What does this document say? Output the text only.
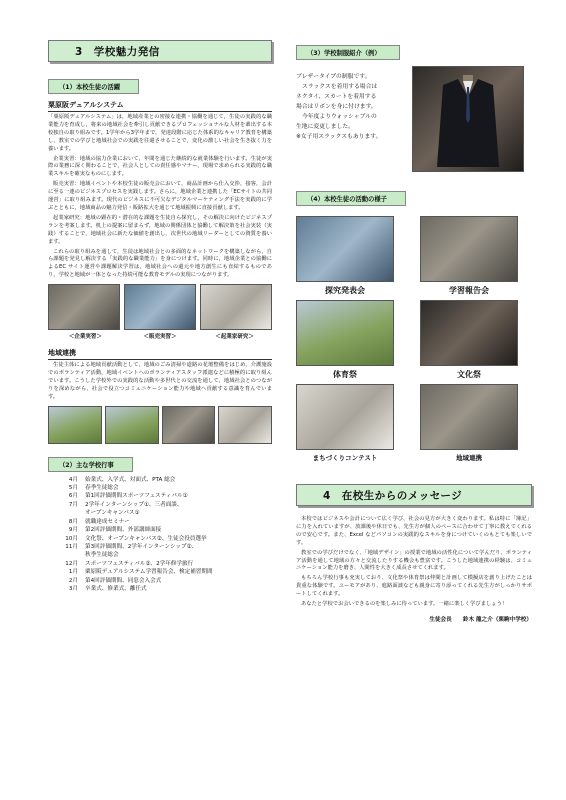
3　学校魅力発信
（1）本校生徒の活躍
粟原阪デュアルシステム

「粟原阪デュアルシステム」は，地域産業との密接な連携・協働を通じて，生徒の実践的な職業能力を育成し，将来の地域社会を牽引し貢献できるプロフェッショナルな人材を輩出する本校独自の取り組みです。1学年から3学年まで，発達段階に応じた体系的なキャリア教育を構築し，教室での学びと地域社会での実践を往還させることで，変化の激しい社会を生き抜く力を養います。

企業実習：地域の協力企業において，年間を通じた継続的な就業体験を行います。生徒が実際の業務に深く関わることで，社会人としての責任感やマナー，現場で求められる実践的な職業スキルを確実なものにします。

販売実習：地域イベントや本校生徒の販売会において，商品計画から仕入交渉，接客，会計に至る一連のビジネスプロセスを実践します。さらに，地域企業と連携した「ECサイトの共同運営」に取り組みます。現代のビジネスに不可欠なデジタルマーケティング手法を実践的に学ぶとともに，地域商品の魅力発信・販路拡大を通じて地域振興に直接貢献します。

起業家研究：地域の顕在的・潜在的な課題を生徒自ら探究し，その解決に向けたビジネスプランを考案します。机上の提案に留まらず，地域の関係団体と協働して解決策を社会実装（実践）することで，地域社会に新たな価値を創出し，次世代の地域リーダーとしての資質を養います。

これらの取り組みを通して，生徒は地域社会との多面的なネットワークを構築しながら，自ら課題を発見し解決する「実践的な職業能力」を身につけます。同時に，地域企業との協働によるEC サイト運営や課題解決学習は，地域社会への還元や地方創生にも直結するものであり，学校と地域が一体となった持続可能な教育モデルの実現につながります。

＜企業実習＞	＜販売実習＞	＜起業家研究＞
地域連携

生徒主体による地域貢献活動として，地域のごみ清掃や道路の花壇整備をはじめ，介護施設でのボランティア活動，地域イベントへのボランティアスタッフ派遣などに積極的に取り組んでいます。こうした学校外での実践的な活動や多世代との交流を通して，地域社会とのつながりを深めながら，社会で役立つコミュニケーション能力や地域へ貢献する意識を育んでいます。

（2）主な学校行事
4月	始業式、入学式、対面式、PTA 総会
5月	春季生徒総会
6月	第1回評価期間スポーツフェスティバル①
7月	2学年インターンシップ①、三者面談、
オープンキャンパス①
8月	就職達成セミナー
9月	第2回評価期間、外部講師面接
10月	文化祭、オープンキャンパス②、生徒会役員選挙
11月	第3回評価期間、2学年インターンシップ②、
秋季生徒総会
12月	スポーツフェスティバル②、2学年修学旅行
1月	粟原阪デュアルシステム学習報告会、検定補習期間
2月	第4回評価期間、同窓会入会式
3月	卒業式、修業式、離任式
（3）学校制服紹介（例）
ブレザータイプの制服です。
スラックスを着用する場合は
ネクタイ、スカートを着用する
場合はリボンを身に付けます。
今年度よりウォッシャブルの
生地に変更しました。
※女子用スラックスもあります。
（4）本校生徒の活動の様子
探究発表会	学習報告会
体育祭	文化祭
まちづくりコンテスト	地域連携
4　在校生からのメッセージ

本校ではビジネスや会計について広く学び、社会の見方が大きく変わります。私は特に「簿記」に力を入れていますが、放課後や休日でも、先生方が個人のペースに合わせて丁寧に教えてくれるので安心です。また、Excel などパソコンの実践的なスキルを身につけていくのもとても楽しいです。

教室での学びだけでなく、「地域デザイン」の授業で地域の活性化について学んだり、ボランティア活動を通して地域の方々と交流したりする機会も豊富です。こうした地域連携の経験は、コミュニケーション能力を磨き、人間性を大きく成長させてくれます。

もちろん学校行事も充実しており、文化祭や体育祭は仲間と計画して模擬店を創り上げたことは貴重な体験です。ユーモアがあり、進路面談なども親身に寄り添ってくれる先生方がしっかりサポートしてくれます。

あなたと学校でお会いできるのを楽しみに待っています。一緒に楽しく学びましょう！

生徒会長　　鈴木 龍之介（栗駒中学校）
